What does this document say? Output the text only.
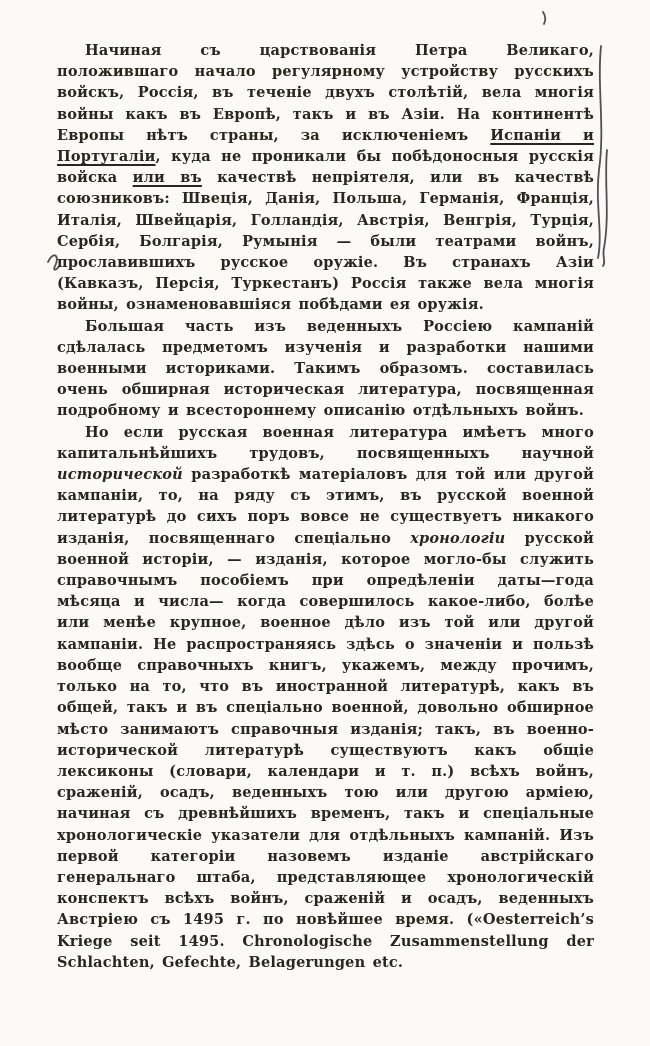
Начиная съ царствованія Петра Великаго, положившаго начало регулярному устройству русскихъ войскъ, Россія, въ теченіе двухъ столѣтій, вела многія войны какъ въ Европѣ, такъ и въ Азіи. На континентѣ Европы нѣтъ страны, за исключеніемъ Испаніи и Португаліи, куда не проникали бы побѣдоносныя русскія войска или въ качествѣ непріятеля, или въ качествѣ союзниковъ: Швеція, Данія, Польша, Германія, Франція, Италія, Швейцарія, Голландія, Австрія, Венгрія, Турція, Сербія, Болгарія, Румынія — были театрами войнъ, прославившихъ русское оружіе. Въ странахъ Азіи (Кавказъ, Персія, Туркестанъ) Россія также вела многія войны, ознаменовавшіяся побѣдами ея оружія.

Большая часть изъ веденныхъ Россіею кампаній сдѣлалась предметомъ изученія и разработки нашими военными историками. Такимъ образомъ. составилась очень обширная историческая литература, посвященная подробному и всестороннему описанію отдѣльныхъ войнъ.

Но если русская военная литература имѣетъ много капитальнѣйшихъ трудовъ, посвященныхъ научной исторической разработкѣ матеріаловъ для той или другой кампаніи, то, на ряду съ этимъ, въ русской военной литературѣ до сихъ поръ вовсе не существуетъ никакого изданія, посвященнаго спеціально хронологіи русской военной исторіи, — изданія, которое могло-бы служить справочнымъ пособіемъ при опредѣленіи даты—года мѣсяца и числа— когда совершилось какое-либо, болѣе или менѣе крупное, военное дѣло изъ той или другой кампаніи. Не распространяясь здѣсь о значеніи и пользѣ вообще справочныхъ книгъ, укажемъ, между прочимъ, только на то, что въ иностранной литературѣ, какъ въ общей, такъ и въ спеціально военной, довольно обширное мѣсто занимаютъ справочныя изданія; такъ, въ военно-исторической литературѣ существуютъ какъ общіе лексиконы (словари, календари и т. п.) всѣхъ войнъ, сраженій, осадъ, веденныхъ тою или другою арміею, начиная съ древнѣйшихъ временъ, такъ и спеціальные хронологическіе указатели для отдѣльныхъ кампаній. Изъ первой категоріи назовемъ изданіе австрійскаго генеральнаго штаба, представляющее хронологическій конспектъ всѣхъ войнъ, сраженій и осадъ, веденныхъ Австріею съ 1495 г. по новѣйшее время. («Oesterreich’s Kriege seit 1495. Chronologische Zusammenstellung der Schlachten, Gefechte, Belagerungen etc.
